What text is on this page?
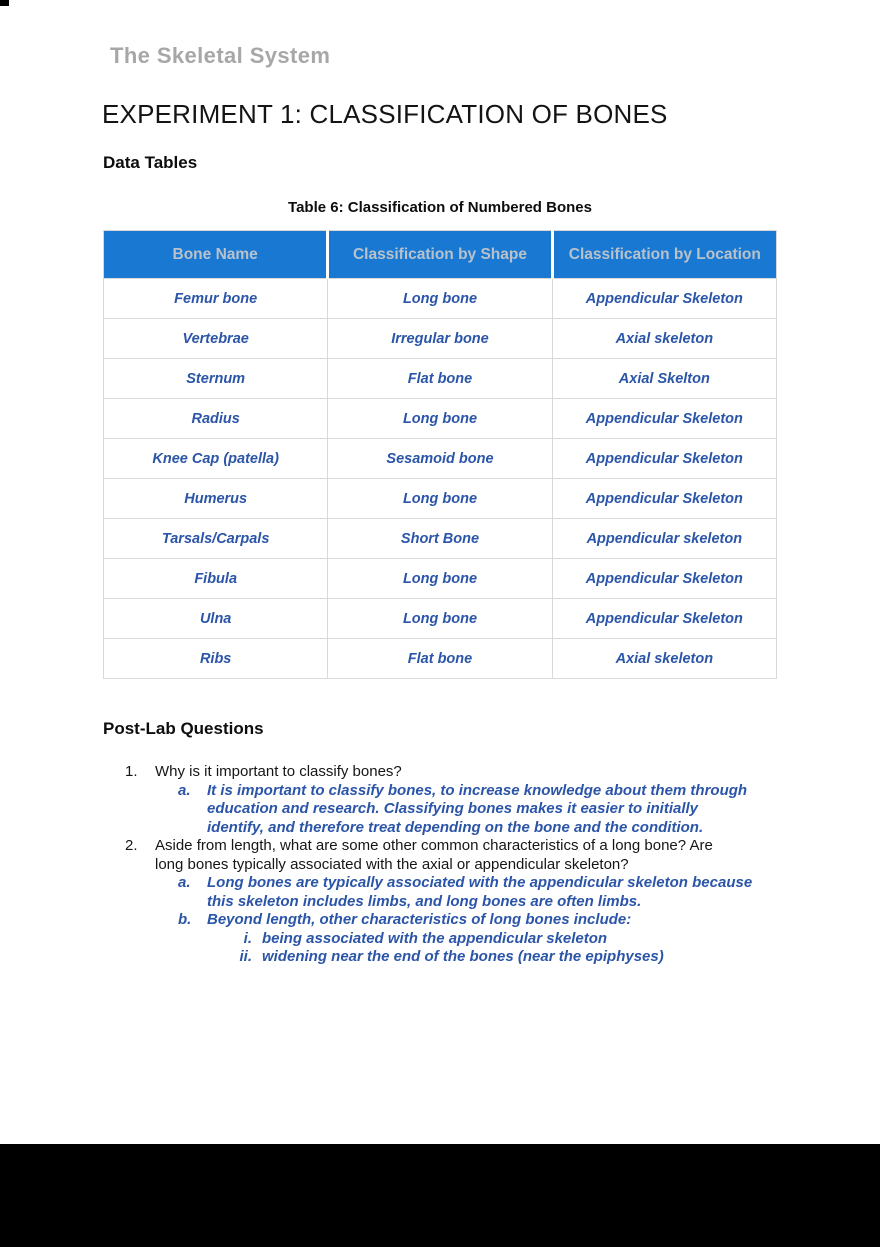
The Skeletal System
EXPERIMENT 1: CLASSIFICATION OF BONES
Data Tables
Table 6: Classification of Numbered Bones
Bone Name	Classification by Shape	Classification by Location
Femur bone	Long bone	Appendicular Skeleton
Vertebrae	Irregular bone	Axial skeleton
Sternum	Flat bone	Axial Skelton
Radius	Long bone	Appendicular Skeleton
Knee Cap (patella)	Sesamoid bone	Appendicular Skeleton
Humerus	Long bone	Appendicular Skeleton
Tarsals/Carpals	Short Bone	Appendicular skeleton
Fibula	Long bone	Appendicular Skeleton
Ulna	Long bone	Appendicular Skeleton
Ribs	Flat bone	Axial skeleton
Post-Lab Questions
1.	Why is it important to classify bones?
a.	It is important to classify bones, to increase knowledge about them through education and research. Classifying bones makes it easier to initially identify, and therefore treat depending on the bone and the condition.
2.	Aside from length, what are some other common characteristics of a long bone? Are long bones typically associated with the axial or appendicular skeleton?
a.	Long bones are typically associated with the appendicular skeleton because this skeleton includes limbs, and long bones are often limbs.
b.	Beyond length, other characteristics of long bones include:
i. being associated with the appendicular skeleton
ii. widening near the end of the bones (near the epiphyses)
